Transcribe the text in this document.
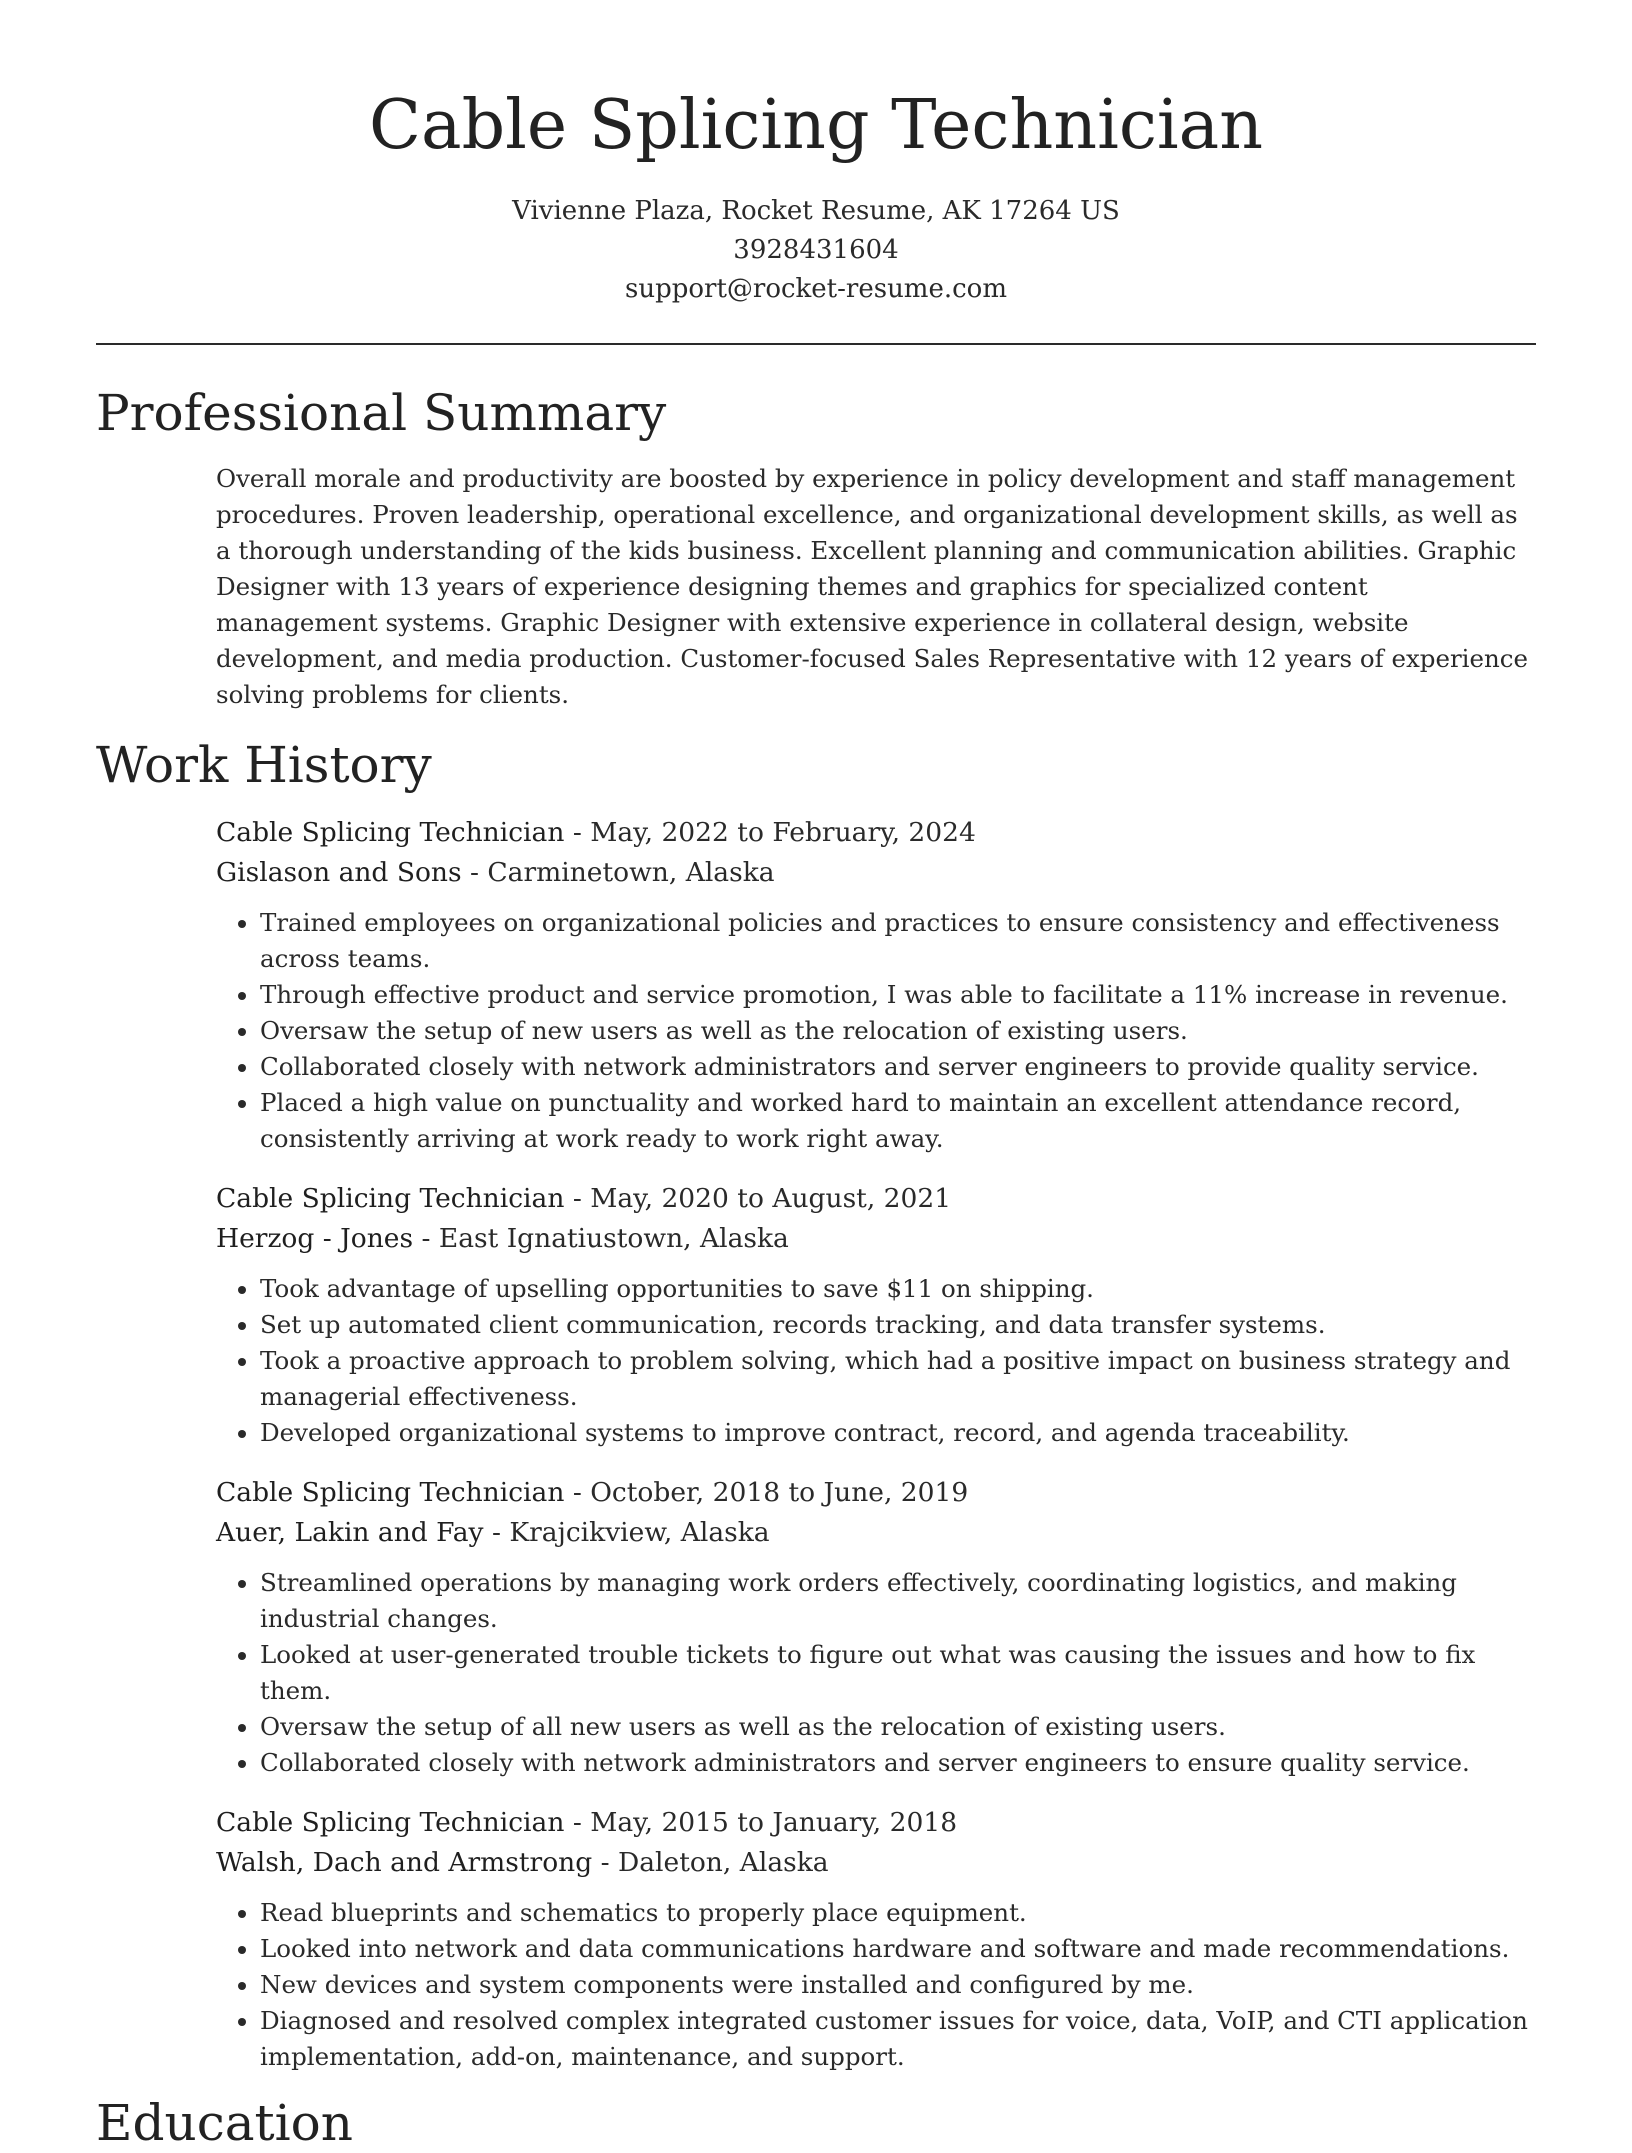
Cable Splicing Technician
Vivienne Plaza, Rocket Resume, AK 17264 US
3928431604
support@rocket-resume.com
Professional Summary

Overall morale and productivity are boosted by experience in policy development and staff management procedures. Proven leadership, operational excellence, and organizational development skills, as well as a thorough understanding of the kids business. Excellent planning and communication abilities. Graphic Designer with 13 years of experience designing themes and graphics for specialized content management systems. Graphic Designer with extensive experience in collateral design, website development, and media production. Customer-focused Sales Representative with 12 years of experience solving problems for clients.

Work History
Cable Splicing Technician - May, 2022 to February, 2024
Gislason and Sons - Carminetown, Alaska
• Trained employees on organizational policies and practices to ensure consistency and effectiveness across teams.
• Through effective product and service promotion, I was able to facilitate a 11% increase in revenue.
• Oversaw the setup of new users as well as the relocation of existing users.
• Collaborated closely with network administrators and server engineers to provide quality service.
• Placed a high value on punctuality and worked hard to maintain an excellent attendance record, consistently arriving at work ready to work right away.
Cable Splicing Technician - May, 2020 to August, 2021
Herzog - Jones - East Ignatiustown, Alaska
• Took advantage of upselling opportunities to save $11 on shipping.
• Set up automated client communication, records tracking, and data transfer systems.
• Took a proactive approach to problem solving, which had a positive impact on business strategy and managerial effectiveness.
• Developed organizational systems to improve contract, record, and agenda traceability.
Cable Splicing Technician - October, 2018 to June, 2019
Auer, Lakin and Fay - Krajcikview, Alaska
• Streamlined operations by managing work orders effectively, coordinating logistics, and making industrial changes.
• Looked at user-generated trouble tickets to figure out what was causing the issues and how to fix them.
• Oversaw the setup of all new users as well as the relocation of existing users.
• Collaborated closely with network administrators and server engineers to ensure quality service.
Cable Splicing Technician - May, 2015 to January, 2018
Walsh, Dach and Armstrong - Daleton, Alaska
• Read blueprints and schematics to properly place equipment.
• Looked into network and data communications hardware and software and made recommendations.
• New devices and system components were installed and configured by me.
• Diagnosed and resolved complex integrated customer issues for voice, data, VoIP, and CTI application implementation, add-on, maintenance, and support.
Education
